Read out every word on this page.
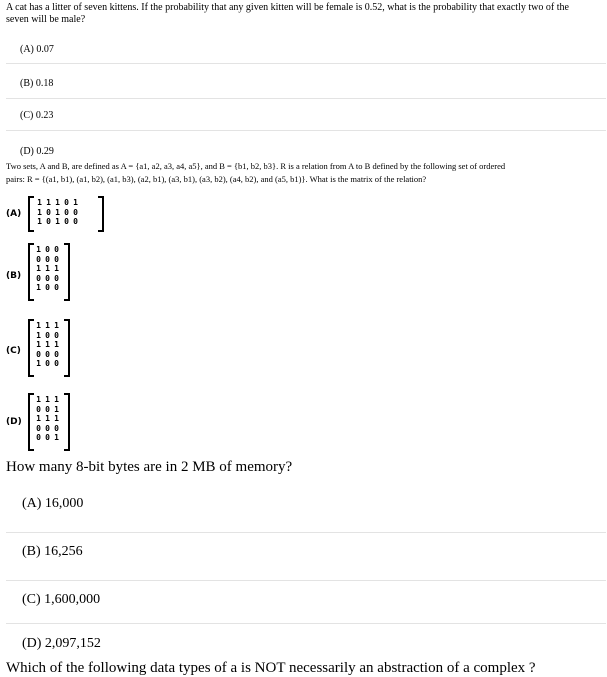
A cat has a litter of seven kittens. If the probability that any given kitten will be female is 0.52, what is the probability that exactly two of the
seven will be male?
(A) 0.07
(B) 0.18
(C) 0.23
(D) 0.29
Two sets, A and B, are defined as A = {a1, a2, a3, a4, a5}, and B = {b1, b2, b3}. R is a relation from A to B defined by the following set of ordered
pairs: R = {(a1, b1), (a1, b2), (a1, b3), (a2, b1), (a3, b1), (a3, b2), (a4, b2), and (a5, b1)}. What is the matrix of the relation?
(A)
1	1	1	0	1
1	0	1	0	0
1	0	1	0	0
(B)
1	0	0
0	0	0
1	1	1
0	0	0
1	0	0
(C)
1	1	1
1	0	0
1	1	1
0	0	0
1	0	0
(D)
1	1	1
0	0	1
1	1	1
0	0	0
0	0	1
How many 8-bit bytes are in 2 MB of memory?
(A) 16,000
(B) 16,256
(C) 1,600,000
(D) 2,097,152
Which of the following data types of a is NOT necessarily an abstraction of a complex ?
